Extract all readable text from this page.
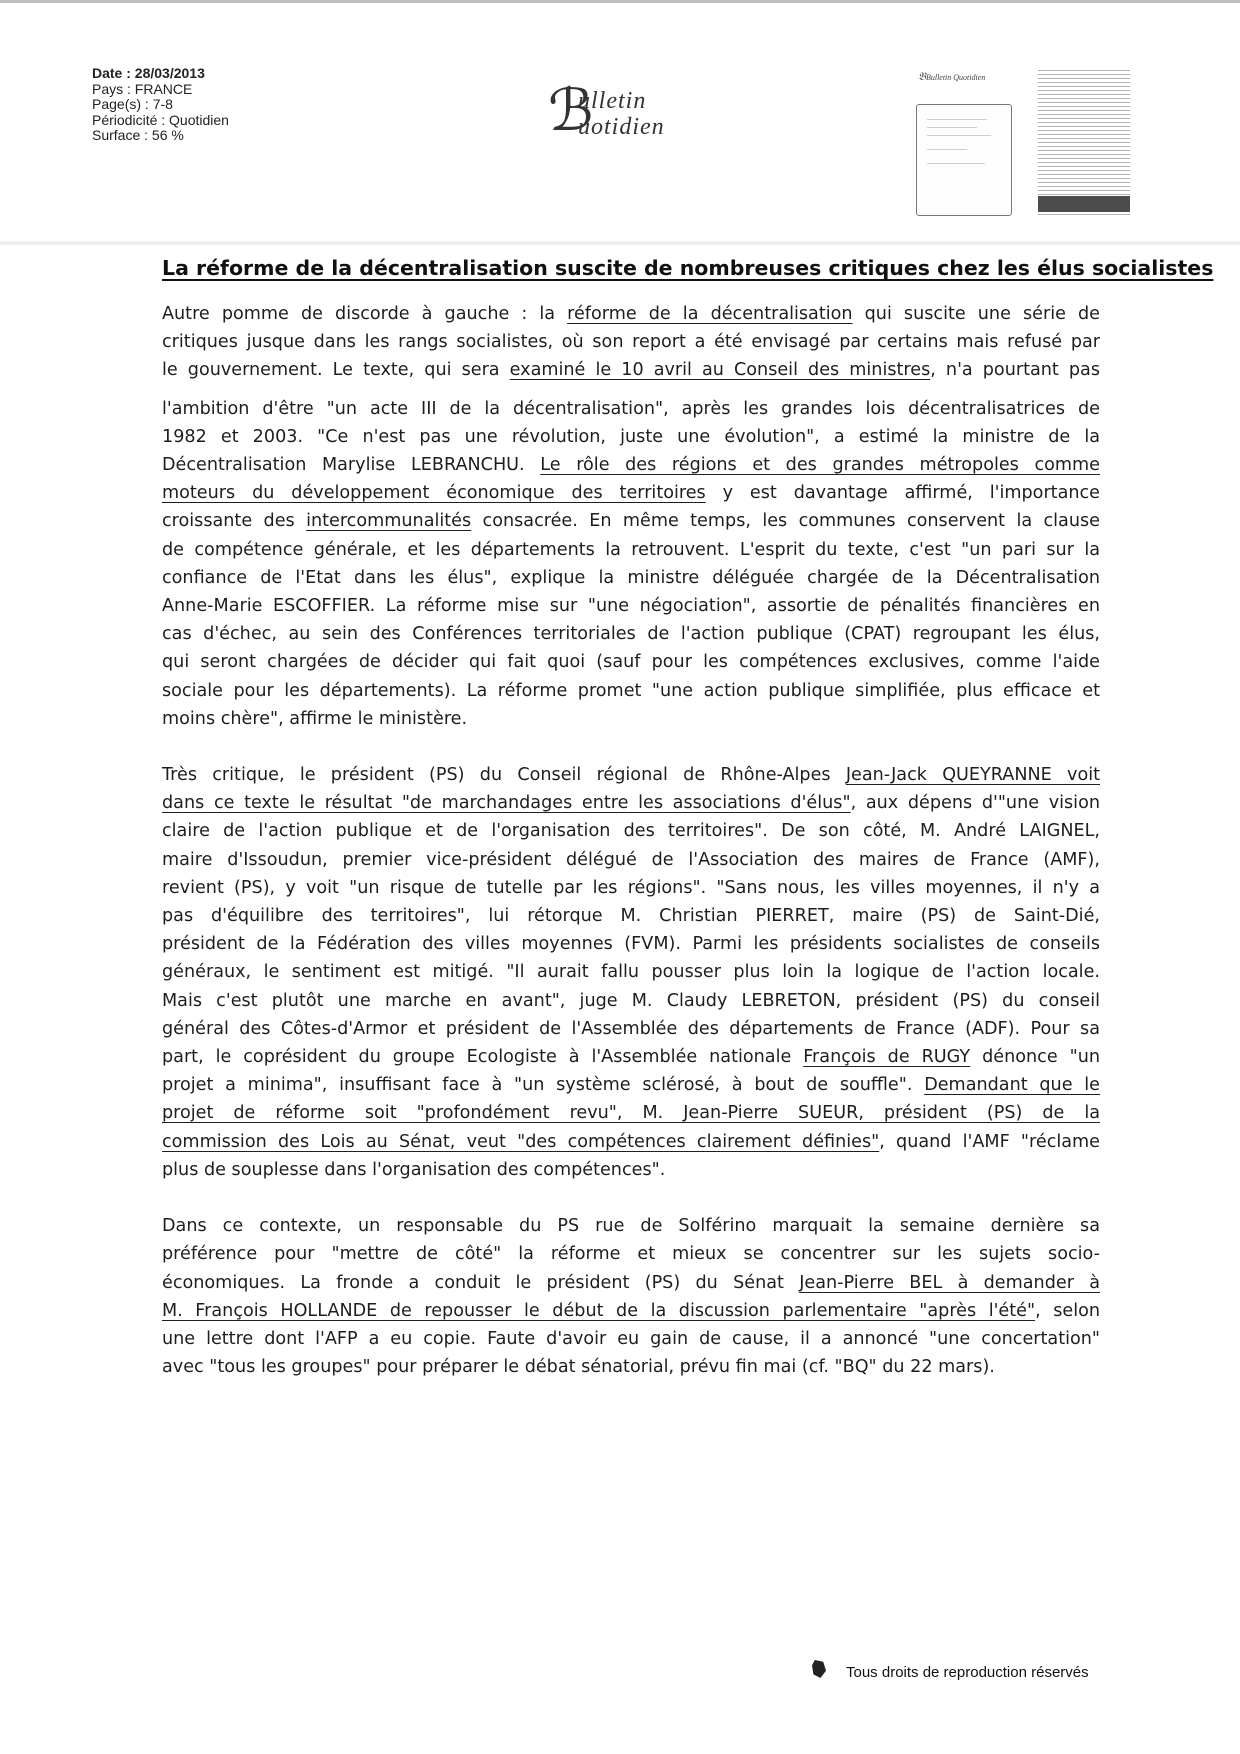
Date : 28/03/2013
Pays : FRANCE
Page(s) : 7-8
Périodicité : Quotidien
Surface : 56 %	ℬ
ulletin
uotidien
𝔅Bulletin Quotidien
La réforme de la décentralisation suscite de nombreuses critiques chez les élus socialistes

Autre pomme de discorde à gauche : la réforme de la décentralisation qui suscite une série de
critiques jusque dans les rangs socialistes, où son report a été envisagé par certains mais refusé par
le gouvernement. Le texte, qui sera examiné le 10 avril au Conseil des ministres, n'a pourtant pas
l'ambition d'être "un acte III de la décentralisation", après les grandes lois décentralisatrices de
1982 et 2003. "Ce n'est pas une révolution, juste une évolution", a estimé la ministre de la
Décentralisation Marylise LEBRANCHU. Le rôle des régions et des grandes métropoles comme
moteurs du développement économique des territoires y est davantage affirmé, l'importance
croissante des intercommunalités consacrée. En même temps, les communes conservent la clause
de compétence générale, et les départements la retrouvent. L'esprit du texte, c'est "un pari sur la
confiance de l'Etat dans les élus", explique la ministre déléguée chargée de la Décentralisation
Anne-Marie ESCOFFIER. La réforme mise sur "une négociation", assortie de pénalités financières en
cas d'échec, au sein des Conférences territoriales de l'action publique (CPAT) regroupant les élus,
qui seront chargées de décider qui fait quoi (sauf pour les compétences exclusives, comme l'aide
sociale pour les départements). La réforme promet "une action publique simplifiée, plus efficace et
moins chère", affirme le ministère.

Très critique, le président (PS) du Conseil régional de Rhône-Alpes Jean-Jack QUEYRANNE voit
dans ce texte le résultat "de marchandages entre les associations d'élus", aux dépens d'"une vision
claire de l'action publique et de l'organisation des territoires". De son côté, M. André LAIGNEL,
maire d'Issoudun, premier vice-président délégué de l'Association des maires de France (AMF),
revient (PS), y voit "un risque de tutelle par les régions". "Sans nous, les villes moyennes, il n'y a
pas d'équilibre des territoires", lui rétorque M. Christian PIERRET, maire (PS) de Saint-Dié,
président de la Fédération des villes moyennes (FVM). Parmi les présidents socialistes de conseils
généraux, le sentiment est mitigé. "Il aurait fallu pousser plus loin la logique de l'action locale.
Mais c'est plutôt une marche en avant", juge M. Claudy LEBRETON, président (PS) du conseil
général des Côtes-d'Armor et président de l'Assemblée des départements de France (ADF). Pour sa
part, le coprésident du groupe Ecologiste à l'Assemblée nationale François de RUGY dénonce "un
projet a minima", insuffisant face à "un système sclérosé, à bout de souffle". Demandant que le
projet de réforme soit "profondément revu", M. Jean-Pierre SUEUR, président (PS) de la
commission des Lois au Sénat, veut "des compétences clairement définies", quand l'AMF "réclame
plus de souplesse dans l'organisation des compétences".

Dans ce contexte, un responsable du PS rue de Solférino marquait la semaine dernière sa
préférence pour "mettre de côté" la réforme et mieux se concentrer sur les sujets socio-
économiques. La fronde a conduit le président (PS) du Sénat Jean-Pierre BEL à demander à
M. François HOLLANDE de repousser le début de la discussion parlementaire "après l'été", selon
une lettre dont l'AFP a eu copie. Faute d'avoir eu gain de cause, il a annoncé "une concertation"
avec "tous les groupes" pour préparer le débat sénatorial, prévu fin mai (cf. "BQ" du 22 mars).

Tous droits de reproduction réservés
